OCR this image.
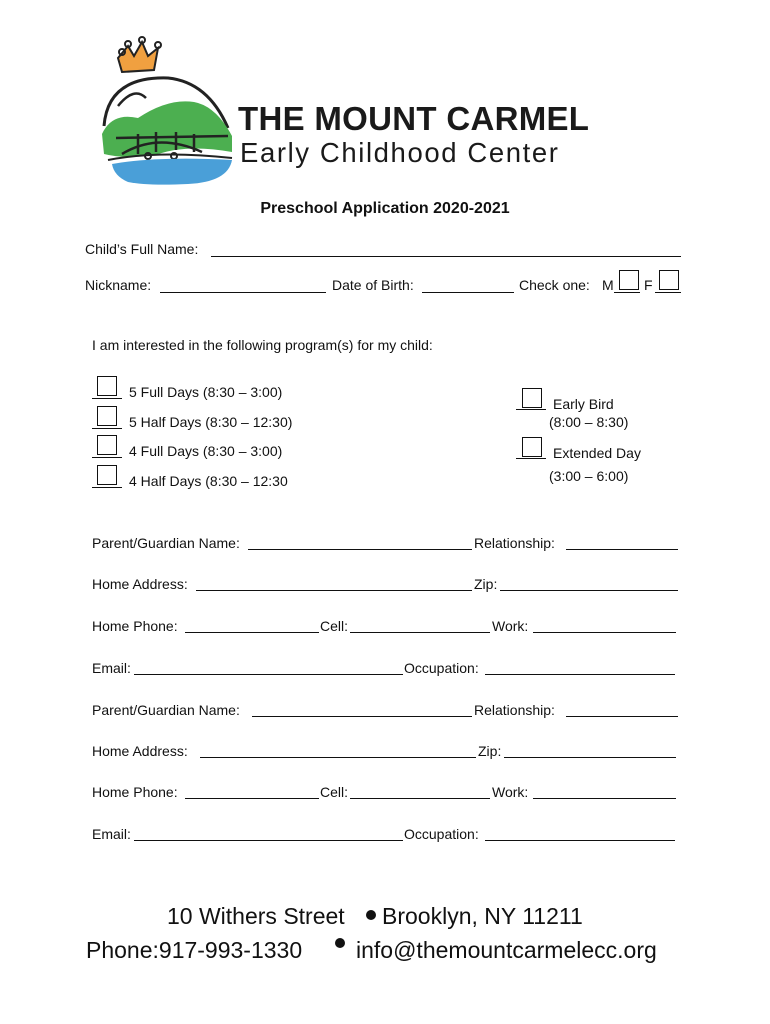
THE MOUNT CARMEL
Early Childhood Center
Preschool Application 2020-2021
Child’s Full Name:
Nickname:	Date of Birth:	Check one: M F
I am interested in the following program(s) for my child:
5 Full Days (8:30 – 3:00)
5 Half Days (8:30 – 12:30)
4 Full Days (8:30 – 3:00)
4 Half Days (8:30 – 12:30
Early Bird
(8:00 – 8:30)
Extended Day
(3:00 – 6:00)
Parent/Guardian Name:	Relationship:
Home Address:	Zip:
Home Phone:	Cell:	Work:
Email:	Occupation:
Parent/Guardian Name:	Relationship:
Home Address:	Zip:
Home Phone:	Cell:	Work:
Email:	Occupation:
10 Withers Street Brooklyn, NY 11211
Phone:917-993-1330 info@themountcarmelecc.org
